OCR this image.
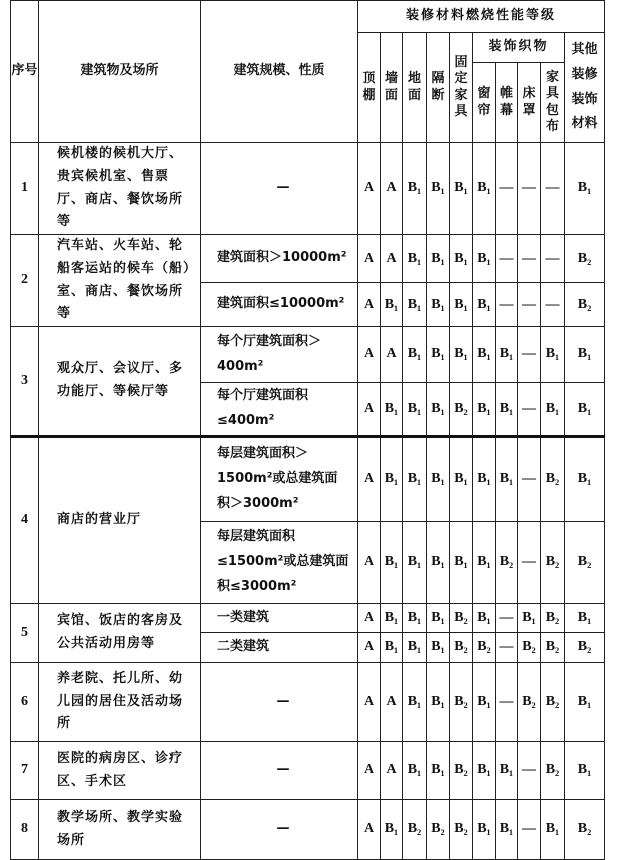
序号	建筑物及场所	建筑规模、性质	装修材料燃烧性能等级									
			顶棚	墙面	地面	隔断	固定家具	装饰织物				其他装修装饰材料
								窗帘	帷幕	床罩	家具包布	
1	候机楼的候机大厅、贵宾候机室、售票厅、商店、餐饮场所等	—	A	A	B₁	B₁	B₁	B₁	—	—	—	B₁
2	汽车站、火车站、轮船客运站的候车（船）室、商店、餐饮场所等	建筑面积＞10000m²	A	A	B₁	B₁	B₁	B₁	—	—	—	B₂
		建筑面积≤10000m²	A	B₁	B₁	B₁	B₁	B₁	—	—	—	B₂
3	观众厅、会议厅、多功能厅、等候厅等	每个厅建筑面积＞400m²	A	A	B₁	B₁	B₁	B₁	B₁	—	B₁	B₁
		每个厅建筑面积≤400m²	A	B₁	B₁	B₁	B₂	B₁	B₁	—	B₁	B₁
4	商店的营业厅	每层建筑面积＞1500m²或总建筑面积＞3000m²	A	B₁	B₁	B₁	B₁	B₁	B₁	—	B₂	B₁
		每层建筑面积≤1500m²或总建筑面积≤3000m²	A	B₁	B₁	B₁	B₁	B₁	B₂	—	B₂	B₂
5	宾馆、饭店的客房及公共活动用房等	一类建筑	A	B₁	B₁	B₁	B₂	B₁	—	B₁	B₂	B₁
		二类建筑	A	B₁	B₁	B₁	B₂	B₂	—	B₂	B₂	B₂
6	养老院、托儿所、幼儿园的居住及活动场所	—	A	A	B₁	B₁	B₂	B₁	—	B₂	B₂	B₁
7	医院的病房区、诊疗区、手术区	—	A	A	B₁	B₁	B₂	B₁	B₁	—	B₂	B₁
8	教学场所、教学实验场所	—	A	B₁	B₂	B₂	B₂	B₁	B₁	—	B₁	B₂
